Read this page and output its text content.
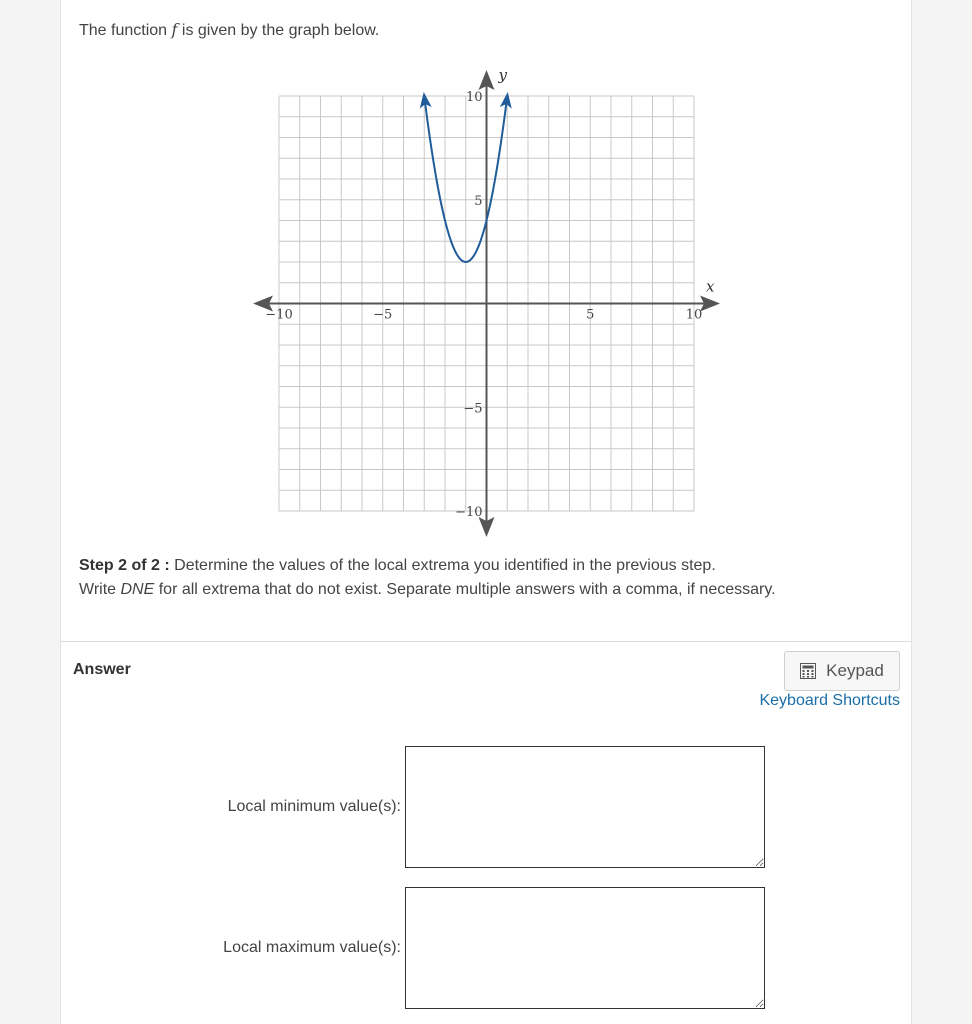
The function f is given by the graph below.

x
y
−10	−5	5	10
10
5
−5
−10
Step 2 of 2 : Determine the values of the local extrema you identified in the previous step.
Write DNE for all extrema that do not exist. Separate multiple answers with a comma, if necessary.
Answer	Keypad
Keyboard Shortcuts
Local minimum value(s):
Local maximum value(s):
